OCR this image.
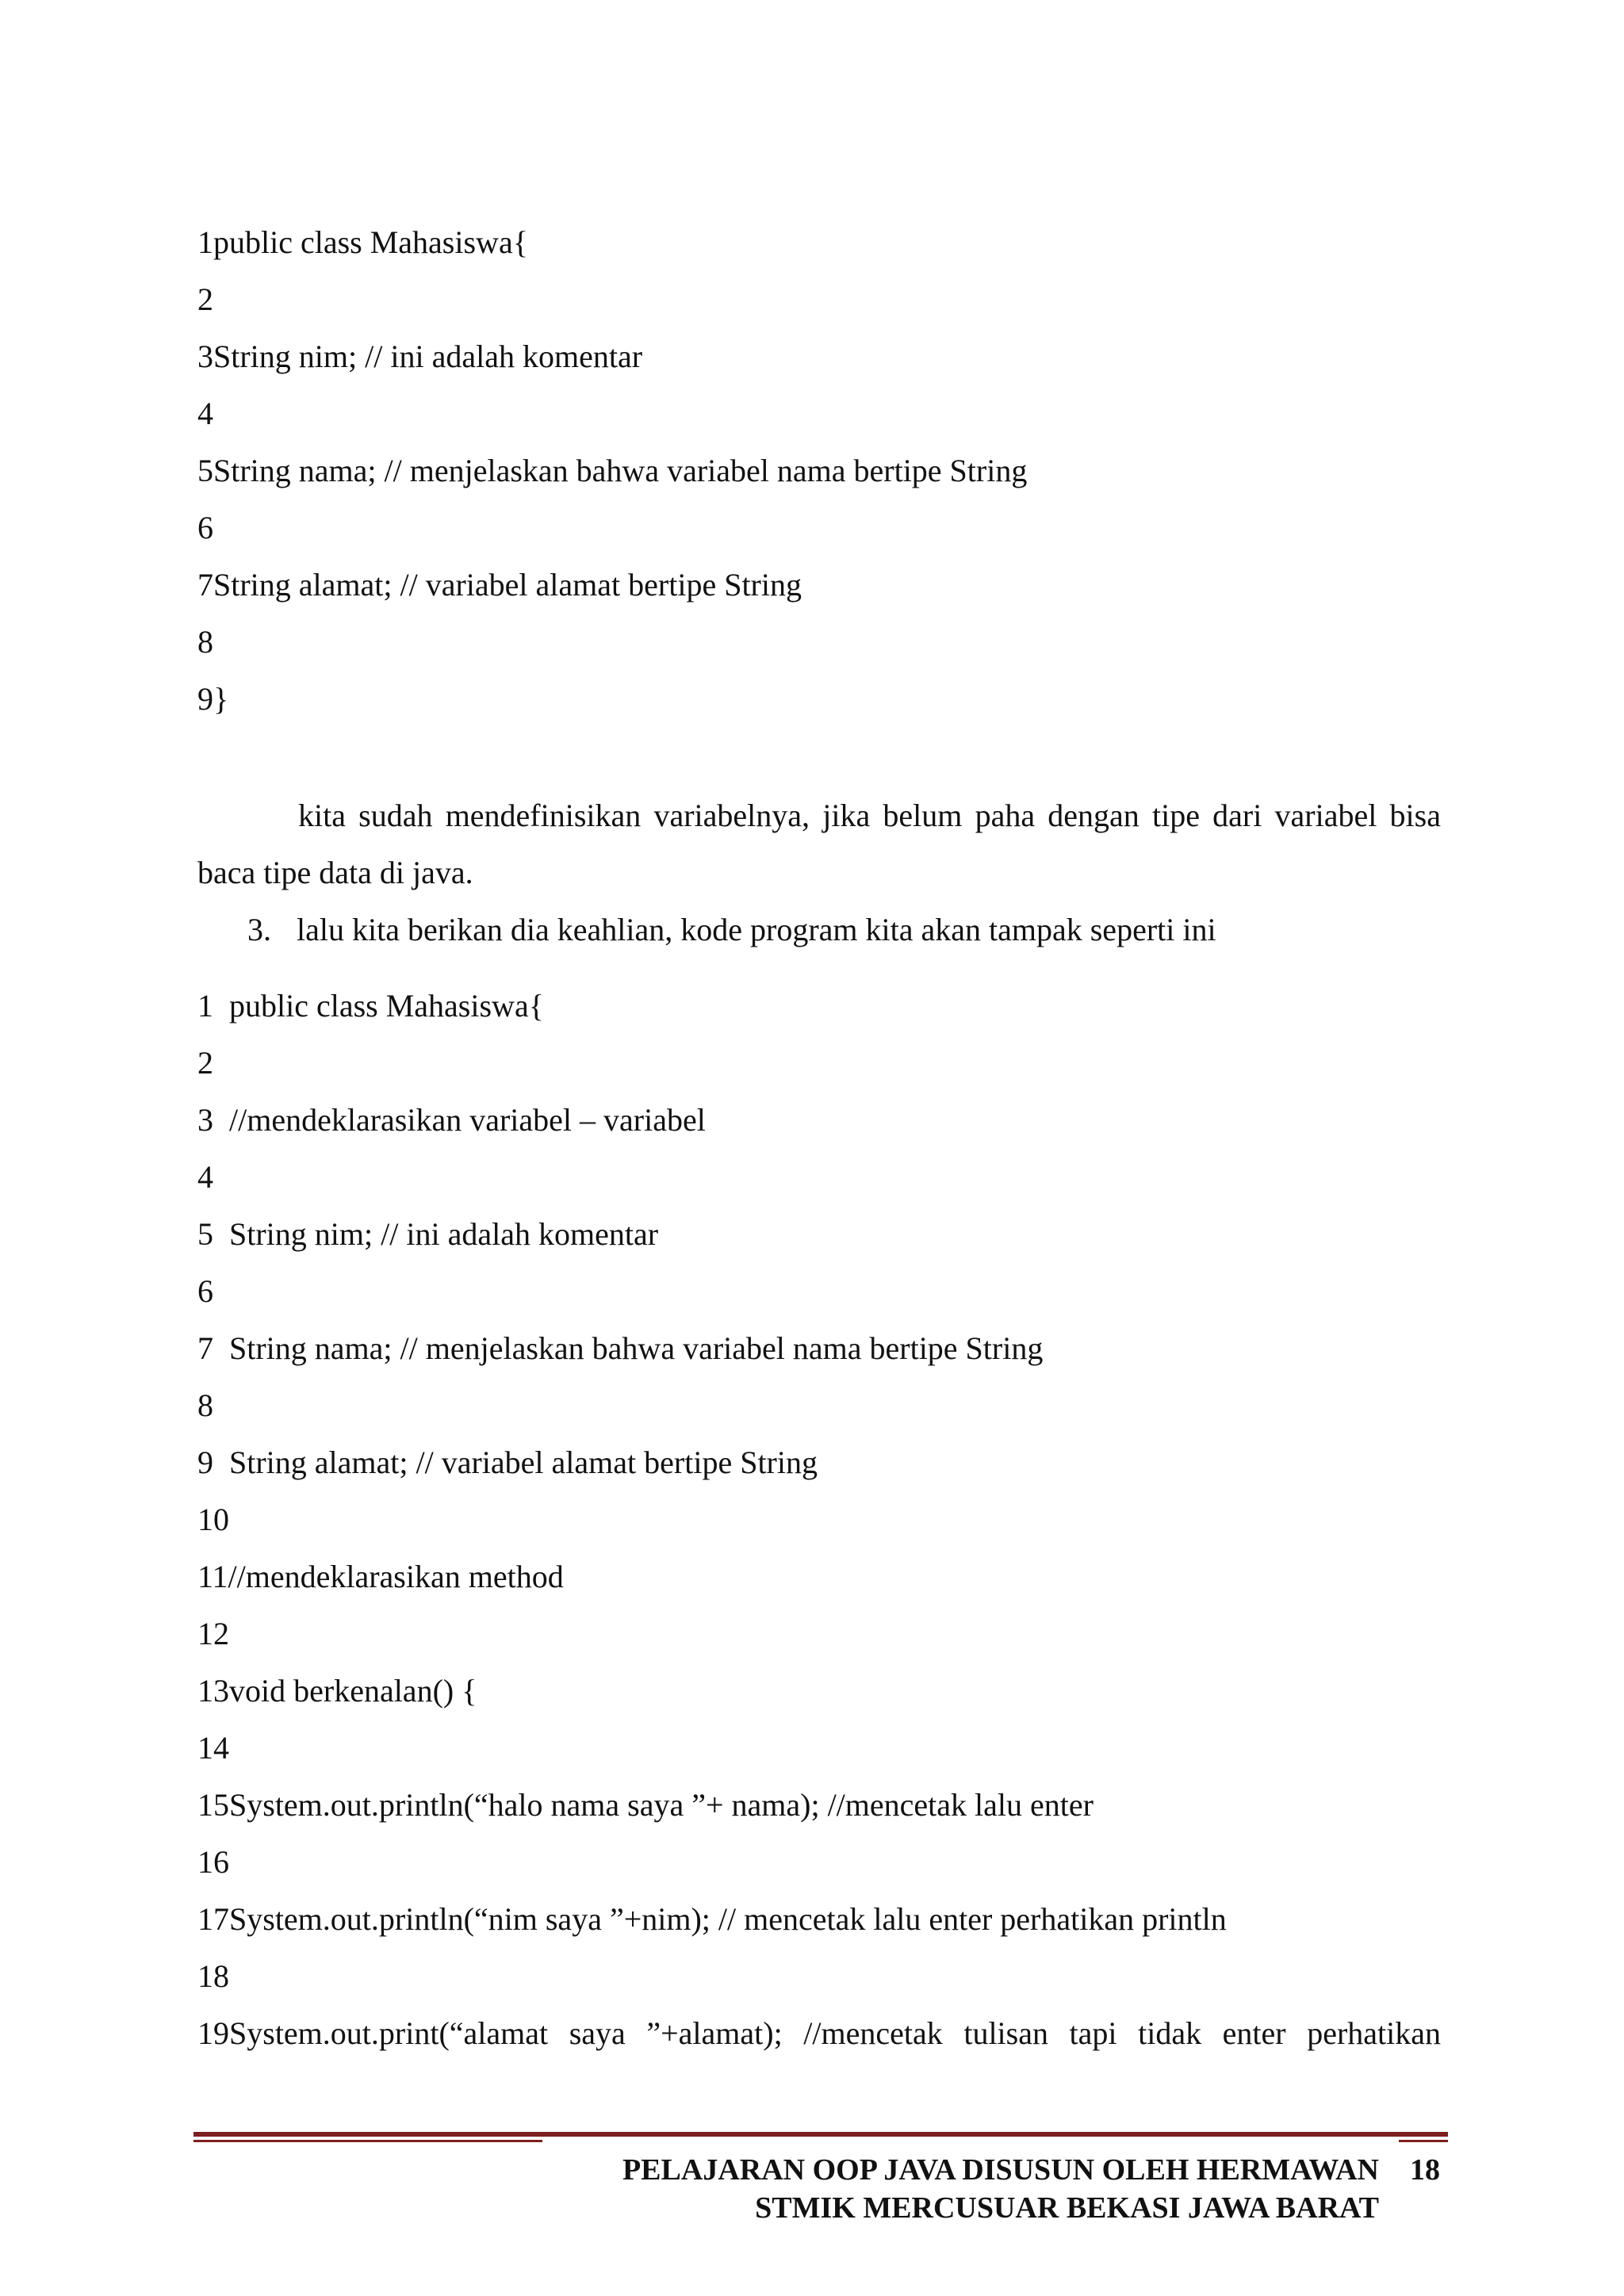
1public class Mahasiswa{
2
3String nim; // ini adalah komentar
4
5String nama; // menjelaskan bahwa variabel nama bertipe String
6
7String alamat; // variabel alamat bertipe String
8
9}
kita sudah mendefinisikan variabelnya, jika belum paha dengan tipe dari variabel bisa
baca tipe data di java.
3. lalu kita berikan dia keahlian, kode program kita akan tampak seperti ini
1  public class Mahasiswa{
2
3  //mendeklarasikan variabel – variabel
4
5  String nim; // ini adalah komentar
6
7  String nama; // menjelaskan bahwa variabel nama bertipe String
8
9  String alamat; // variabel alamat bertipe String
10
11//mendeklarasikan method
12
13void berkenalan() {
14
15System.out.println(“halo nama saya ”+ nama); //mencetak lalu enter
16
17System.out.println(“nim saya ”+nim); // mencetak lalu enter perhatikan println
18
19System.out.print(“alamat saya ”+alamat); //mencetak tulisan tapi tidak enter perhatikan
PELAJARAN OOP JAVA DISUSUN OLEH HERMAWAN
STMIK MERCUSUAR BEKASI JAWA BARAT
18
